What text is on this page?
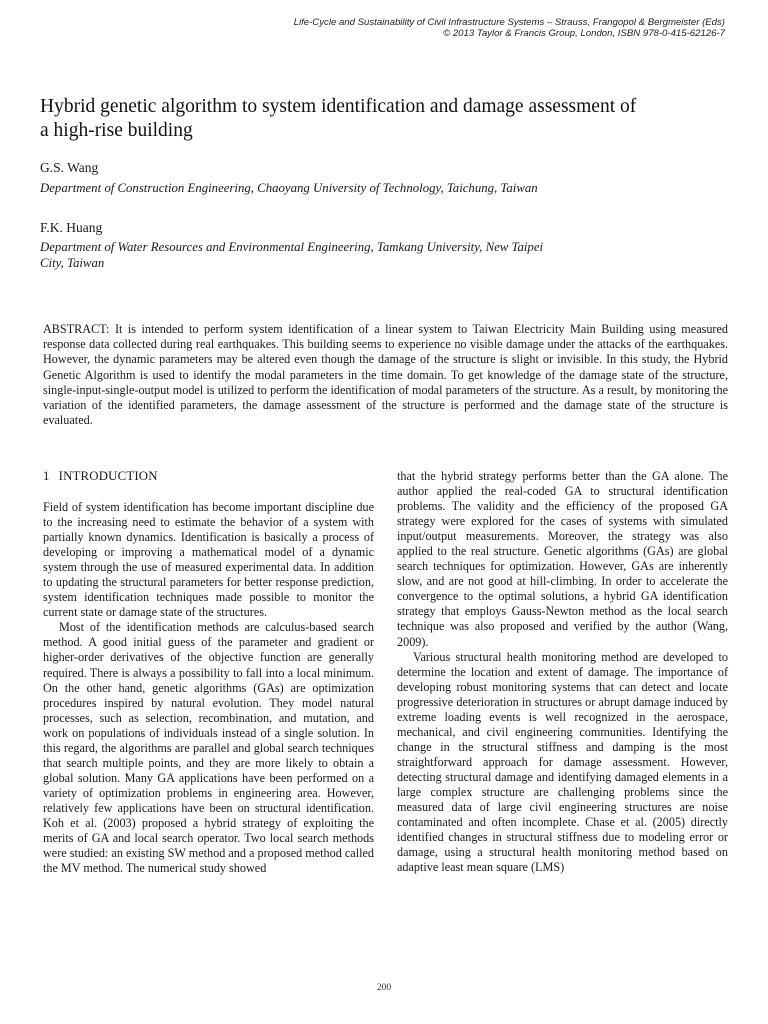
Life-Cycle and Sustainability of Civil Infrastructure Systems – Strauss, Frangopol & Bergmeister (Eds)
© 2013 Taylor & Francis Group, London, ISBN 978-0-415-62126-7
Hybrid genetic algorithm to system identification and damage assessment of a high-rise building
G.S. Wang
Department of Construction Engineering, Chaoyang University of Technology, Taichung, Taiwan
F.K. Huang
Department of Water Resources and Environmental Engineering, Tamkang University, New Taipei City, Taiwan

ABSTRACT: It is intended to perform system identification of a linear system to Taiwan Electricity Main Building using measured response data collected during real earthquakes. This building seems to experience no visible damage under the attacks of the earthquakes. However, the dynamic parameters may be altered even though the damage of the structure is slight or invisible. In this study, the Hybrid Genetic Algorithm is used to identify the modal parameters in the time domain. To get knowledge of the damage state of the structure, single-input-single-output model is utilized to perform the identification of modal parameters of the structure. As a result, by monitoring the variation of the identified parameters, the damage assessment of the structure is performed and the damage state of the structure is evaluated.

1 INTRODUCTION

Field of system identification has become important discipline due to the increasing need to estimate the behavior of a system with partially known dynamics. Identification is basically a process of developing or improving a mathematical model of a dynamic system through the use of measured experimental data. In addition to updating the structural parameters for better response prediction, system identification techniques made possible to monitor the current state or damage state of the structures.

Most of the identification methods are calculus-based search method. A good initial guess of the parameter and gradient or higher-order derivatives of the objective function are generally required. There is always a possibility to fall into a local minimum. On the other hand, genetic algorithms (GAs) are optimization procedures inspired by natural evolution. They model natural processes, such as selection, recombination, and mutation, and work on populations of individuals instead of a single solution. In this regard, the algorithms are parallel and global search techniques that search multiple points, and they are more likely to obtain a global solution. Many GA applications have been performed on a variety of optimization problems in engineering area. However, relatively few applications have been on structural identification. Koh et al. (2003) proposed a hybrid strategy of exploiting the merits of GA and local search operator. Two local search methods were studied: an existing SW method and a proposed method called the MV method. The numerical study showed

that the hybrid strategy performs better than the GA alone. The author applied the real-coded GA to structural identification problems. The validity and the efficiency of the proposed GA strategy were explored for the cases of systems with simulated input/output measurements. Moreover, the strategy was also applied to the real structure. Genetic algorithms (GAs) are global search techniques for optimization. However, GAs are inherently slow, and are not good at hill-climbing. In order to accelerate the convergence to the optimal solutions, a hybrid GA identification strategy that employs Gauss-Newton method as the local search technique was also proposed and verified by the author (Wang, 2009).

Various structural health monitoring method are developed to determine the location and extent of damage. The importance of developing robust monitoring systems that can detect and locate progressive deterioration in structures or abrupt damage induced by extreme loading events is well recognized in the aerospace, mechanical, and civil engineering communities. Identifying the change in the structural stiffness and damping is the most straightforward approach for damage assessment. However, detecting structural damage and identifying damaged elements in a large complex structure are challenging problems since the measured data of large civil engineering structures are noise contaminated and often incomplete. Chase et al. (2005) directly identified changes in structural stiffness due to modeling error or damage, using a structural health monitoring method based on adaptive least mean square (LMS)

200
